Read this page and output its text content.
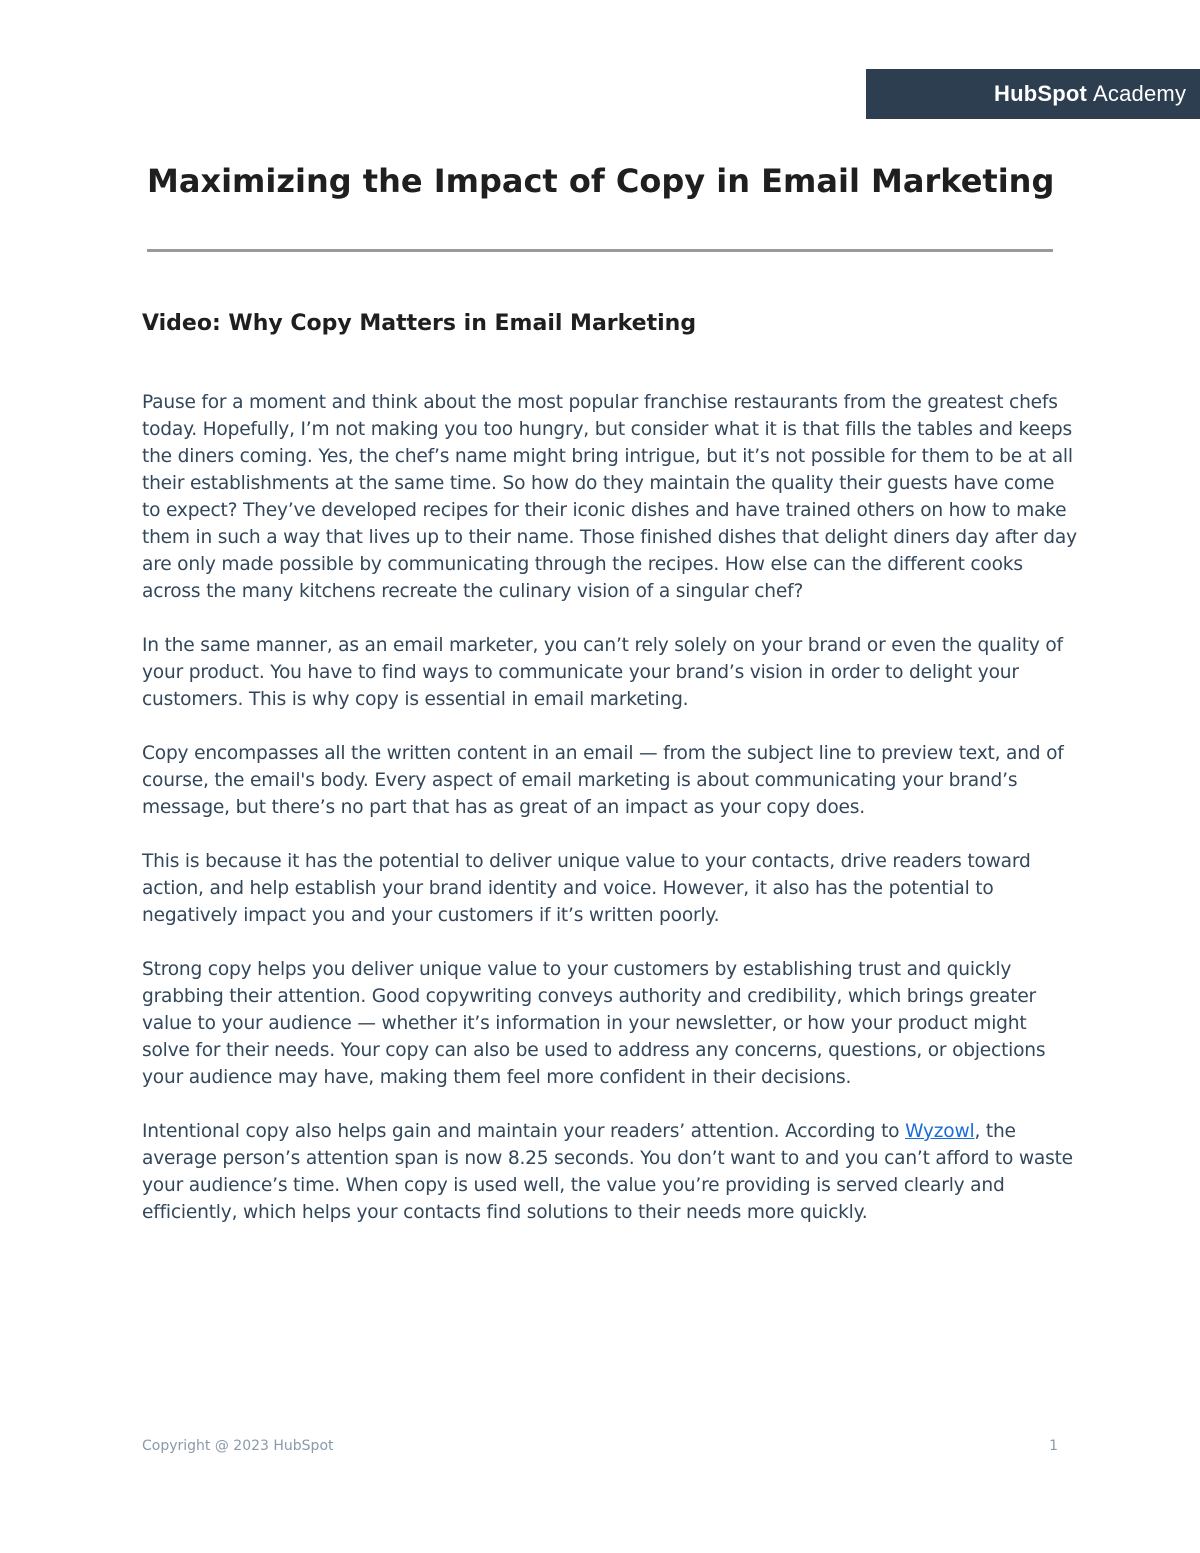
HubSpot Academy
Maximizing the Impact of Copy in Email Marketing
Video: Why Copy Matters in Email Marketing

Pause for a moment and think about the most popular franchise restaurants from the greatest chefs today. Hopefully, I’m not making you too hungry, but consider what it is that fills the tables and keeps the diners coming. Yes, the chef’s name might bring intrigue, but it’s not possible for them to be at all their establishments at the same time. So how do they maintain the quality their guests have come to expect? They’ve developed recipes for their iconic dishes and have trained others on how to make them in such a way that lives up to their name. Those finished dishes that delight diners day after day are only made possible by communicating through the recipes. How else can the different cooks across the many kitchens recreate the culinary vision of a singular chef?

In the same manner, as an email marketer, you can’t rely solely on your brand or even the quality of your product. You have to find ways to communicate your brand’s vision in order to delight your customers. This is why copy is essential in email marketing.

Copy encompasses all the written content in an email — from the subject line to preview text, and of course, the email's body. Every aspect of email marketing is about communicating your brand’s message, but there’s no part that has as great of an impact as your copy does.

This is because it has the potential to deliver unique value to your contacts, drive readers toward action, and help establish your brand identity and voice. However, it also has the potential to negatively impact you and your customers if it’s written poorly.

Strong copy helps you deliver unique value to your customers by establishing trust and quickly grabbing their attention. Good copywriting conveys authority and credibility, which brings greater value to your audience — whether it’s information in your newsletter, or how your product might solve for their needs. Your copy can also be used to address any concerns, questions, or objections your audience may have, making them feel more confident in their decisions.

Intentional copy also helps gain and maintain your readers’ attention. According to Wyzowl, the average person’s attention span is now 8.25 seconds. You don’t want to and you can’t afford to waste your audience’s time. When copy is used well, the value you’re providing is served clearly and efficiently, which helps your contacts find solutions to their needs more quickly.

Copyright @ 2023 HubSpot	1
